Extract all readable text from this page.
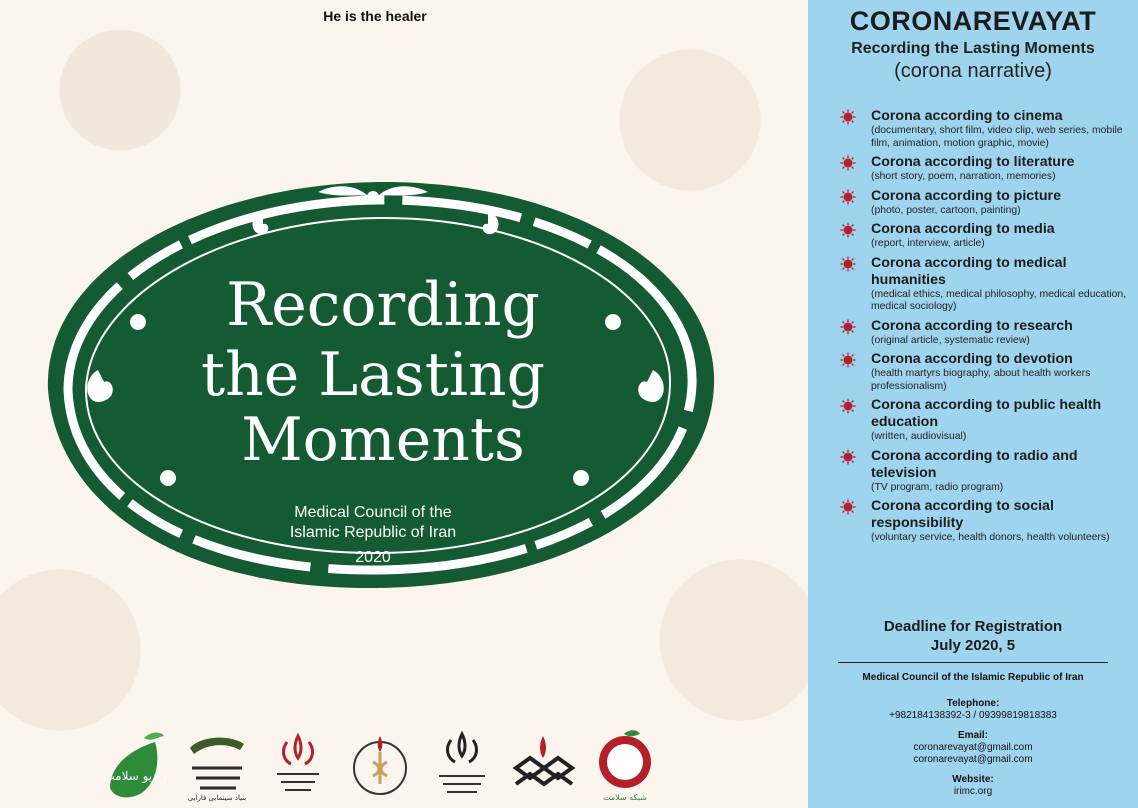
He is the healer
Recording
the Lasting
Moments
Medical Council of the
Islamic Republic of Iran
2020
رادیو سلامت
بنیاد سینمایی فارابی	شبکه سلامت
CORONAREVAYAT
Recording the Lasting Moments
(corona narrative)
Corona according to cinema
(documentary, short film, video clip, web series, mobile film, animation, motion graphic, movie)
Corona according to literature
(short story, poem, narration, memories)
Corona according to picture
(photo, poster, cartoon, painting)
Corona according to media
(report, interview, article)
Corona according to medical humanities
(medical ethics, medical philosophy, medical education, medical sociology)
Corona according to research
(original article, systematic review)
Corona according to devotion
(health martyrs biography, about health workers professionalism)
Corona according to public health education
(written, audiovisual)
Corona according to radio and television
(TV program, radio program)
Corona according to social responsibility
(voluntary service, health donors, health volunteers)
Deadline for Registration
July 2020, 5
Medical Council of the Islamic Republic of Iran
Telephone:
+982184138392-3 / 09399819818383
Email:
coronarevayat@gmail.com
coronarevayat@gmail.com
Website:
irimc.org
